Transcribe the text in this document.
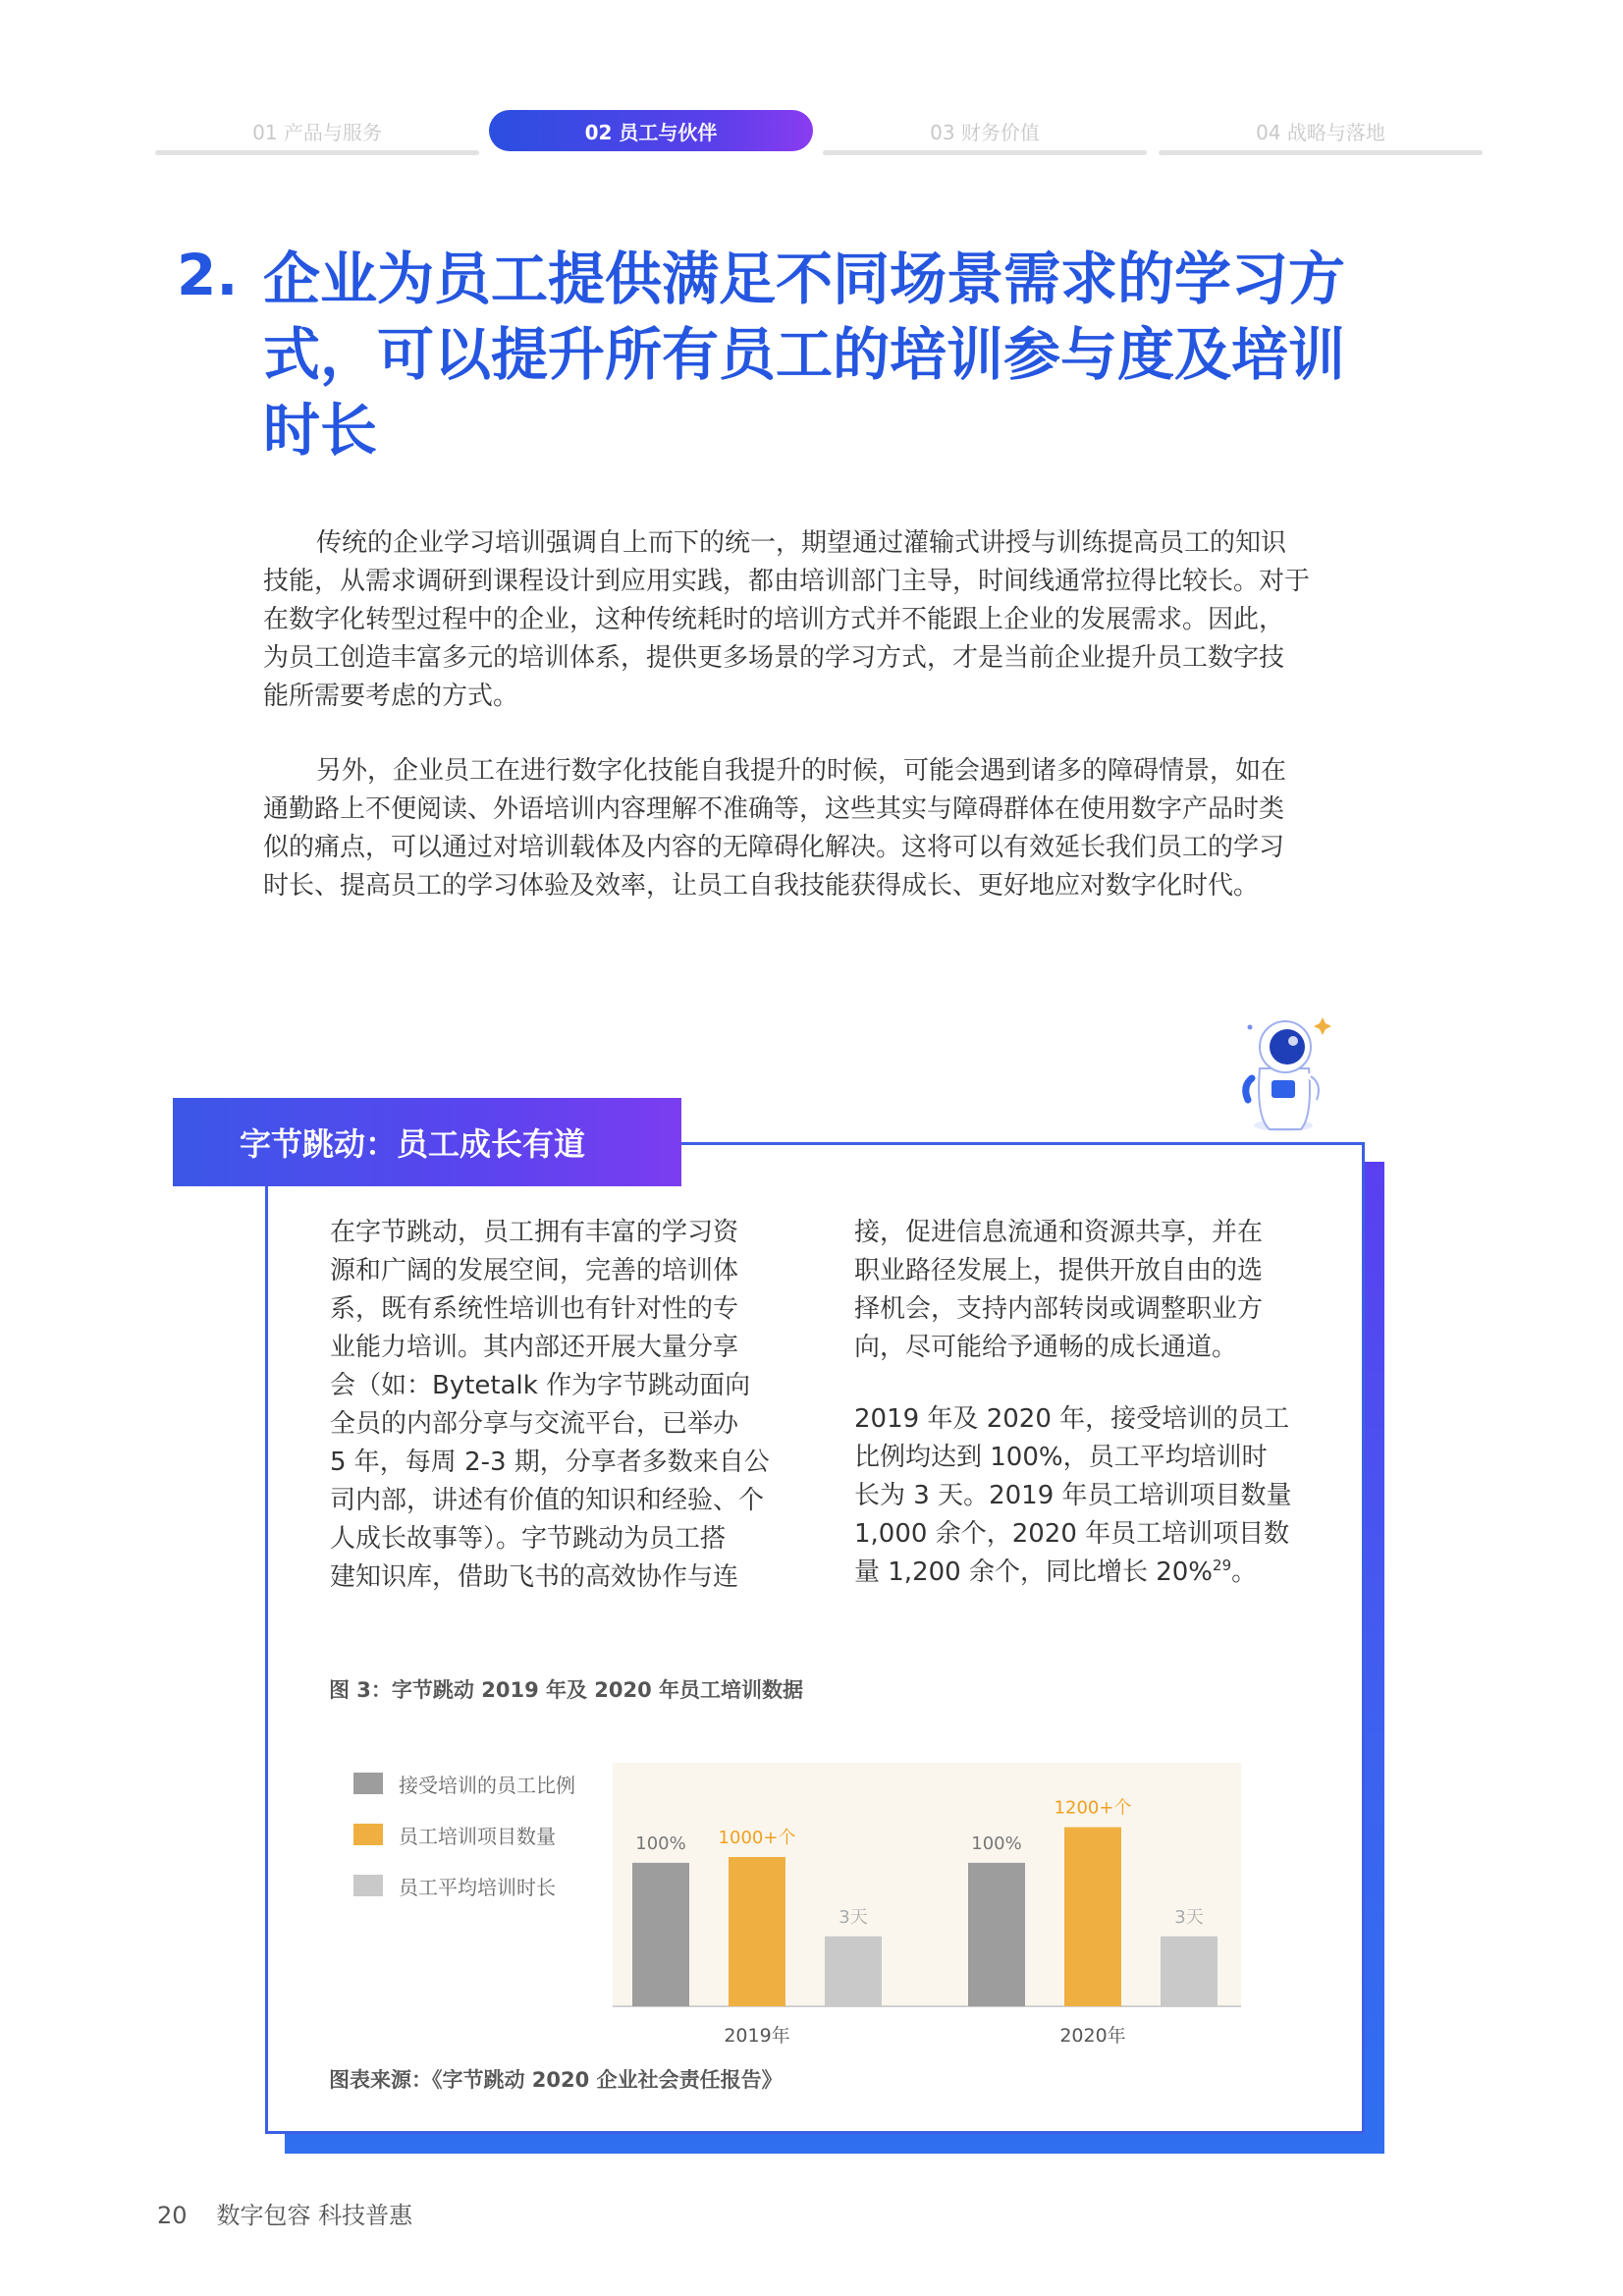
01 产品与服务	02 员工与伙伴	03 财务价值	04 战略与落地
2. 企业为员工提供满足不同场景需求的学习方
式，可以提升所有员工的培训参与度及培训
时长
传统的企业学习培训强调自上而下的统一，期望通过灌输式讲授与训练提高员工的知识
技能，从需求调研到课程设计到应用实践，都由培训部门主导，时间线通常拉得比较长。对于
在数字化转型过程中的企业，这种传统耗时的培训方式并不能跟上企业的发展需求。因此，
为员工创造丰富多元的培训体系，提供更多场景的学习方式，才是当前企业提升员工数字技
能所需要考虑的方式。
另外，企业员工在进行数字化技能自我提升的时候，可能会遇到诸多的障碍情景，如在
通勤路上不便阅读、外语培训内容理解不准确等，这些其实与障碍群体在使用数字产品时类
似的痛点，可以通过对培训载体及内容的无障碍化解决。这将可以有效延长我们员工的学习
时长、提高员工的学习体验及效率，让员工自我技能获得成长、更好地应对数字化时代。
字节跳动：员工成长有道
在字节跳动，员工拥有丰富的学习资
源和广阔的发展空间，完善的培训体
系，既有系统性培训也有针对性的专
业能力培训。其内部还开展大量分享
会（如：Bytetalk 作为字节跳动面向
全员的内部分享与交流平台，已举办
5 年，每周 2-3 期，分享者多数来自公
司内部，讲述有价值的知识和经验、个
人成长故事等）。字节跳动为员工搭
建知识库，借助飞书的高效协作与连
接，促进信息流通和资源共享，并在
职业路径发展上，提供开放自由的选
择机会，支持内部转岗或调整职业方
向，尽可能给予通畅的成长通道。
2019 年及 2020 年，接受培训的员工
比例均达到 100%，员工平均培训时
长为 3 天。2019 年员工培训项目数量
1,000 余个，2020 年员工培训项目数
量 1,200 余个，同比增长 20%$^{29}$。
图 3：字节跳动 2019 年及 2020 年员工培训数据
接受培训的员工比例
员工培训项目数量
员工平均培训时长
100% 1000+个
3天
2019年
100%
1200+个
3天
2020年
图表来源：《字节跳动 2020 企业社会责任报告》
20 数字包容 科技普惠
